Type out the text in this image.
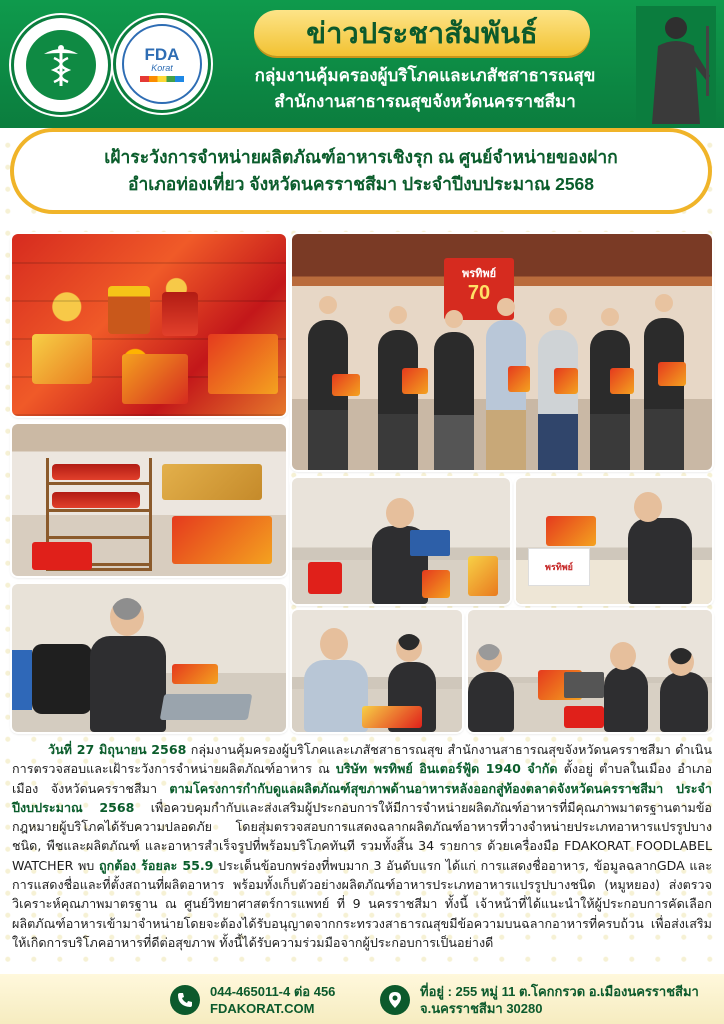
FDA
Korat
ข่าวประชาสัมพันธ์
กลุ่มงานคุ้มครองผู้บริโภคและเภสัชสาธารณสุข
สำนักงานสาธารณสุขจังหวัดนครราชสีมา
เฝ้าระวังการจำหน่ายผลิตภัณฑ์อาหารเชิงรุก ณ ศูนย์จำหน่ายของฝาก
อำเภอท่องเที่ยว จังหวัดนครราชสีมา ประจำปีงบประมาณ 2568
พรทิพย์
70
พรทิพย์
วันที่ 27 มิถุนายน 2568 กลุ่มงานคุ้มครองผู้บริโภคและเภสัชสาธารณสุข สำนักงานสาธารณสุขจังหวัดนครราชสีมา ดำเนินการตรวจสอบและเฝ้าระวังการจำหน่ายผลิตภัณฑ์อาหาร ณ บริษัท พรทิพย์ อินเตอร์ฟู้ด 1940 จำกัด ตั้งอยู่ ตำบลในเมือง อำเภอเมือง จังหวัดนครราชสีมา ตามโครงการกำกับดูแลผลิตภัณฑ์สุขภาพด้านอาหารหลังออกสู่ท้องตลาดจังหวัดนครราชสีมา ประจำปีงบประมาณ 2568 เพื่อควบคุมกำกับและส่งเสริมผู้ประกอบการให้มีการจำหน่ายผลิตภัณฑ์อาหารที่มีคุณภาพมาตรฐานตามข้อกฎหมายผู้บริโภคได้รับความปลอดภัย โดยสุ่มตรวจสอบการแสดงฉลากผลิตภัณฑ์อาหารที่วางจำหน่ายประเภทอาหารแปรรูปบางชนิด, พืชและผลิตภัณฑ์ และอาหารสำเร็จรูปที่พร้อมบริโภคทันที รวมทั้งสิ้น 34 รายการ ด้วยเครื่องมือ FDAKORAT FOODLABEL WATCHER พบ ถูกต้อง ร้อยละ 55.9 ประเด็นข้อบกพร่องที่พบมาก 3 อันดับแรก ได้แก่ การแสดงชื่ออาหาร, ข้อมูลฉลากGDA และการแสดงชื่อและที่ตั้งสถานที่ผลิตอาหาร พร้อมทั้งเก็บตัวอย่างผลิตภัณฑ์อาหารประเภทอาหารแปรรูปบางชนิด (หมูหยอง) ส่งตรวจวิเคราะห์คุณภาพมาตรฐาน ณ ศูนย์วิทยาศาสตร์การแพทย์ ที่ 9 นครราชสีมา ทั้งนี้ เจ้าหน้าที่ได้แนะนำให้ผู้ประกอบการคัดเลือกผลิตภัณฑ์อาหารเข้ามาจำหน่ายโดยจะต้องได้รับอนุญาตจากกระทรวงสาธารณสุขมีข้อความบนฉลากอาหารที่ครบถ้วน เพื่อส่งเสริมให้เกิดการบริโภคอาหารที่ดีต่อสุขภาพ ทั้งนี้ได้รับความร่วมมือจากผู้ประกอบการเป็นอย่างดี
044-465011-4 ต่อ 456
FDAKORAT.COM
ที่อยู่ : 255 หมู่ 11 ต.โคกกรวด อ.เมืองนครราชสีมา
จ.นครราชสีมา 30280
